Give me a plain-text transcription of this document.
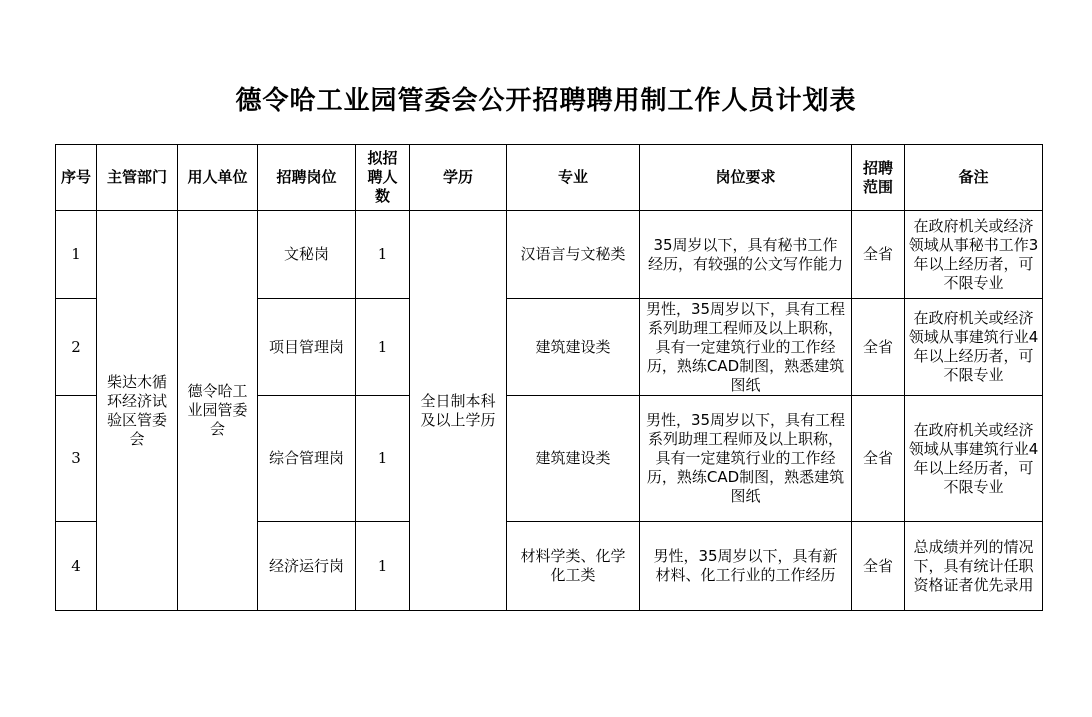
德令哈工业园管委会公开招聘聘用制工作人员计划表
序号	主管部门	用人单位	招聘岗位	拟招聘人数	学历	专业	岗位要求	招聘范围	备注
1	柴达木循环经济试验区管委会	德令哈工业园管委会	文秘岗	1	全日制本科及以上学历	汉语言与文秘类	35周岁以下，具有秘书工作经历，有较强的公文写作能力	全省	在政府机关或经济领域从事秘书工作3年以上经历者，可不限专业
2			项目管理岗	1		建筑建设类	男性，35周岁以下，具有工程系列助理工程师及以上职称，具有一定建筑行业的工作经历，熟练CAD制图，熟悉建筑图纸	全省	在政府机关或经济领域从事建筑行业4年以上经历者，可不限专业
3			综合管理岗	1		建筑建设类	男性，35周岁以下，具有工程系列助理工程师及以上职称，具有一定建筑行业的工作经历，熟练CAD制图，熟悉建筑图纸	全省	在政府机关或经济领域从事建筑行业4年以上经历者，可不限专业
4			经济运行岗	1		材料学类、化学化工类	男性，35周岁以下，具有新材料、化工行业的工作经历	全省	总成绩并列的情况下，具有统计任职资格证者优先录用
